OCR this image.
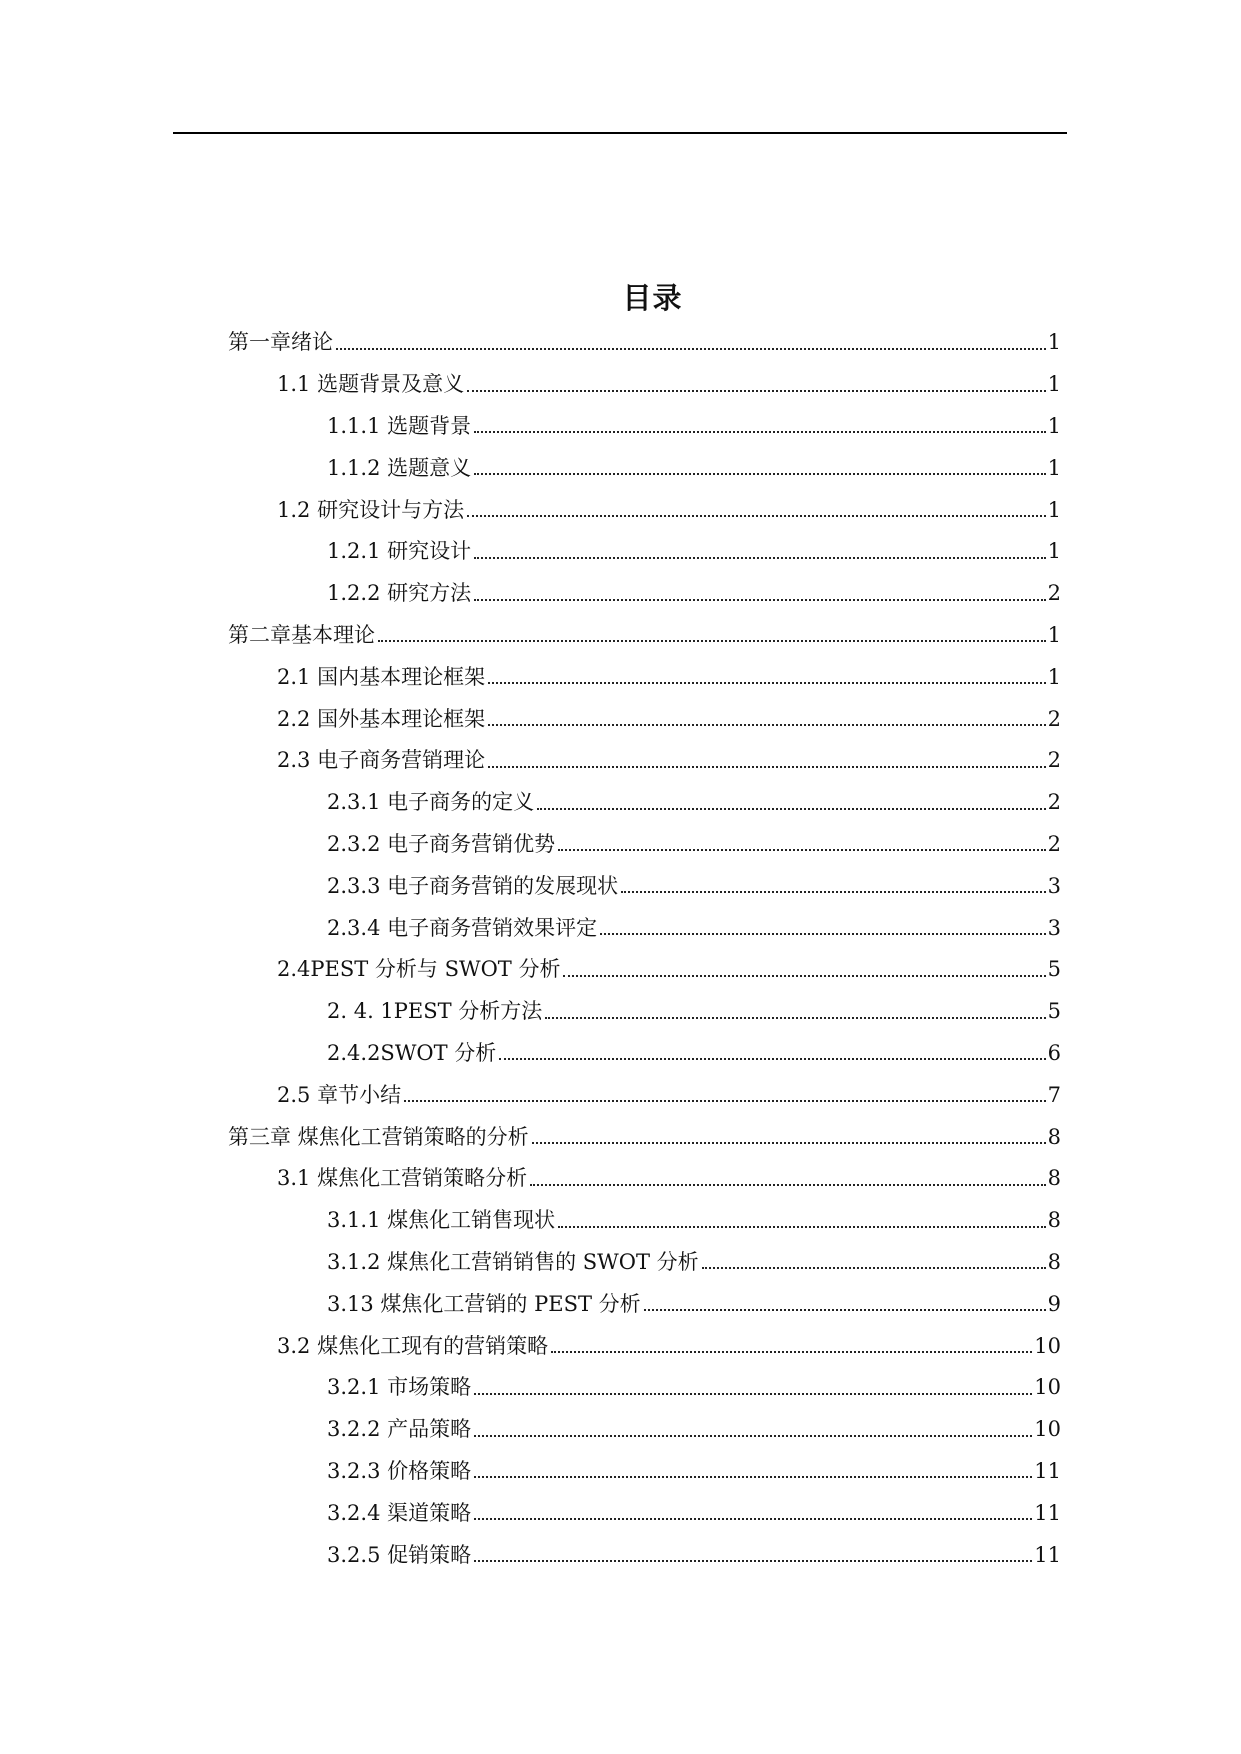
目录
第一章绪论	1
1.1 选题背景及意义	1
1.1.1 选题背景	1
1.1.2 选题意义	1
1.2 研究设计与方法	1
1.2.1 研究设计	1
1.2.2 研究方法	2
第二章基本理论	1
2.1 国内基本理论框架	1
2.2 国外基本理论框架	2
2.3 电子商务营销理论	2
2.3.1 电子商务的定义	2
2.3.2 电子商务营销优势	2
2.3.3 电子商务营销的发展现状	3
2.3.4 电子商务营销效果评定	3
2.4PEST 分析与 SWOT 分析	5
2. 4. 1PEST 分析方法	5
2.4.2SWOT 分析	6
2.5 章节小结	7
第三章 煤焦化工营销策略的分析	8
3.1 煤焦化工营销策略分析	8
3.1.1 煤焦化工销售现状	8
3.1.2 煤焦化工营销销售的 SWOT 分析	8
3.13 煤焦化工营销的 PEST 分析	9
3.2 煤焦化工现有的营销策略	10
3.2.1 市场策略	10
3.2.2 产品策略	10
3.2.3 价格策略	11
3.2.4 渠道策略	11
3.2.5 促销策略	11
